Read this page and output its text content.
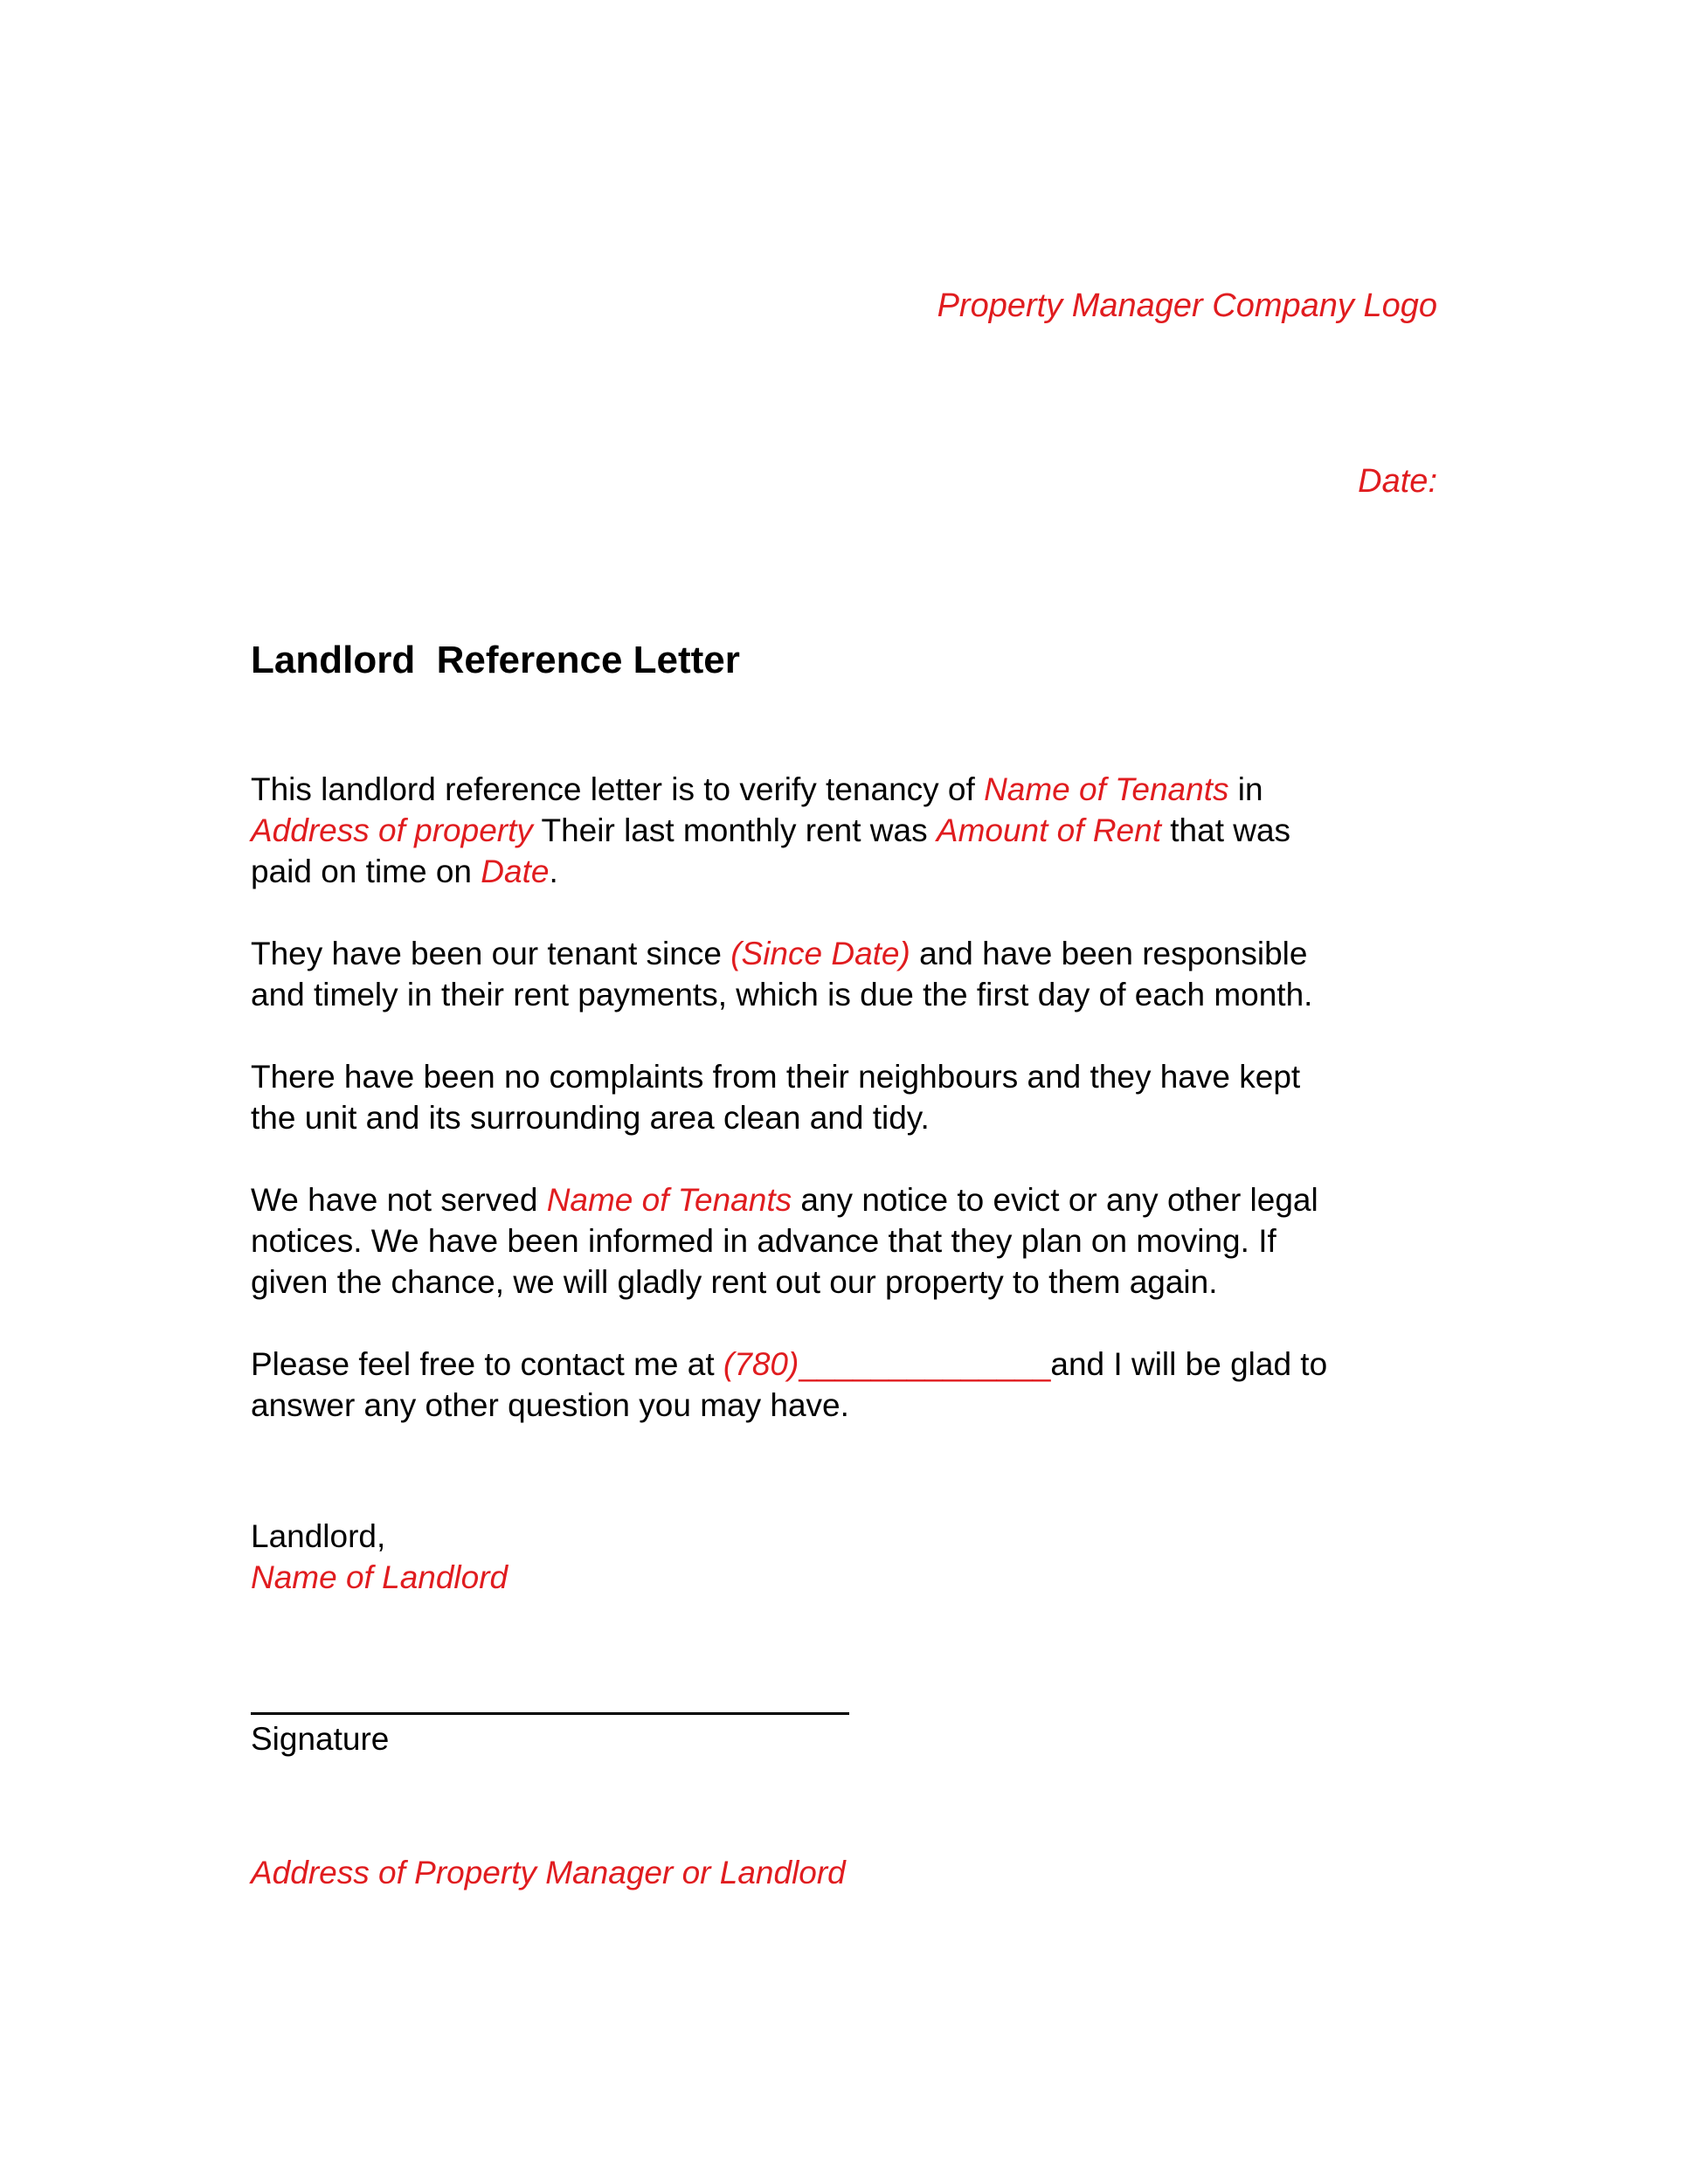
Property Manager Company Logo
Date:
Landlord  Reference Letter

This landlord reference letter is to verify tenancy of Name of Tenants in
Address of property Their last monthly rent was Amount of Rent that was
paid on time on Date.

They have been our tenant since (Since Date) and have been responsible
and timely in their rent payments, which is due the first day of each month.

There have been no complaints from their neighbours and they have kept
the unit and its surrounding area clean and tidy.

We have not served Name of Tenants any notice to evict or any other legal
notices. We have been informed in advance that they plan on moving. If
given the chance, we will gladly rent out our property to them again.

Please feel free to contact me at (780)______________and I will be glad to
answer any other question you may have.

Landlord,
Name of Landlord
Signature
Address of Property Manager or Landlord
